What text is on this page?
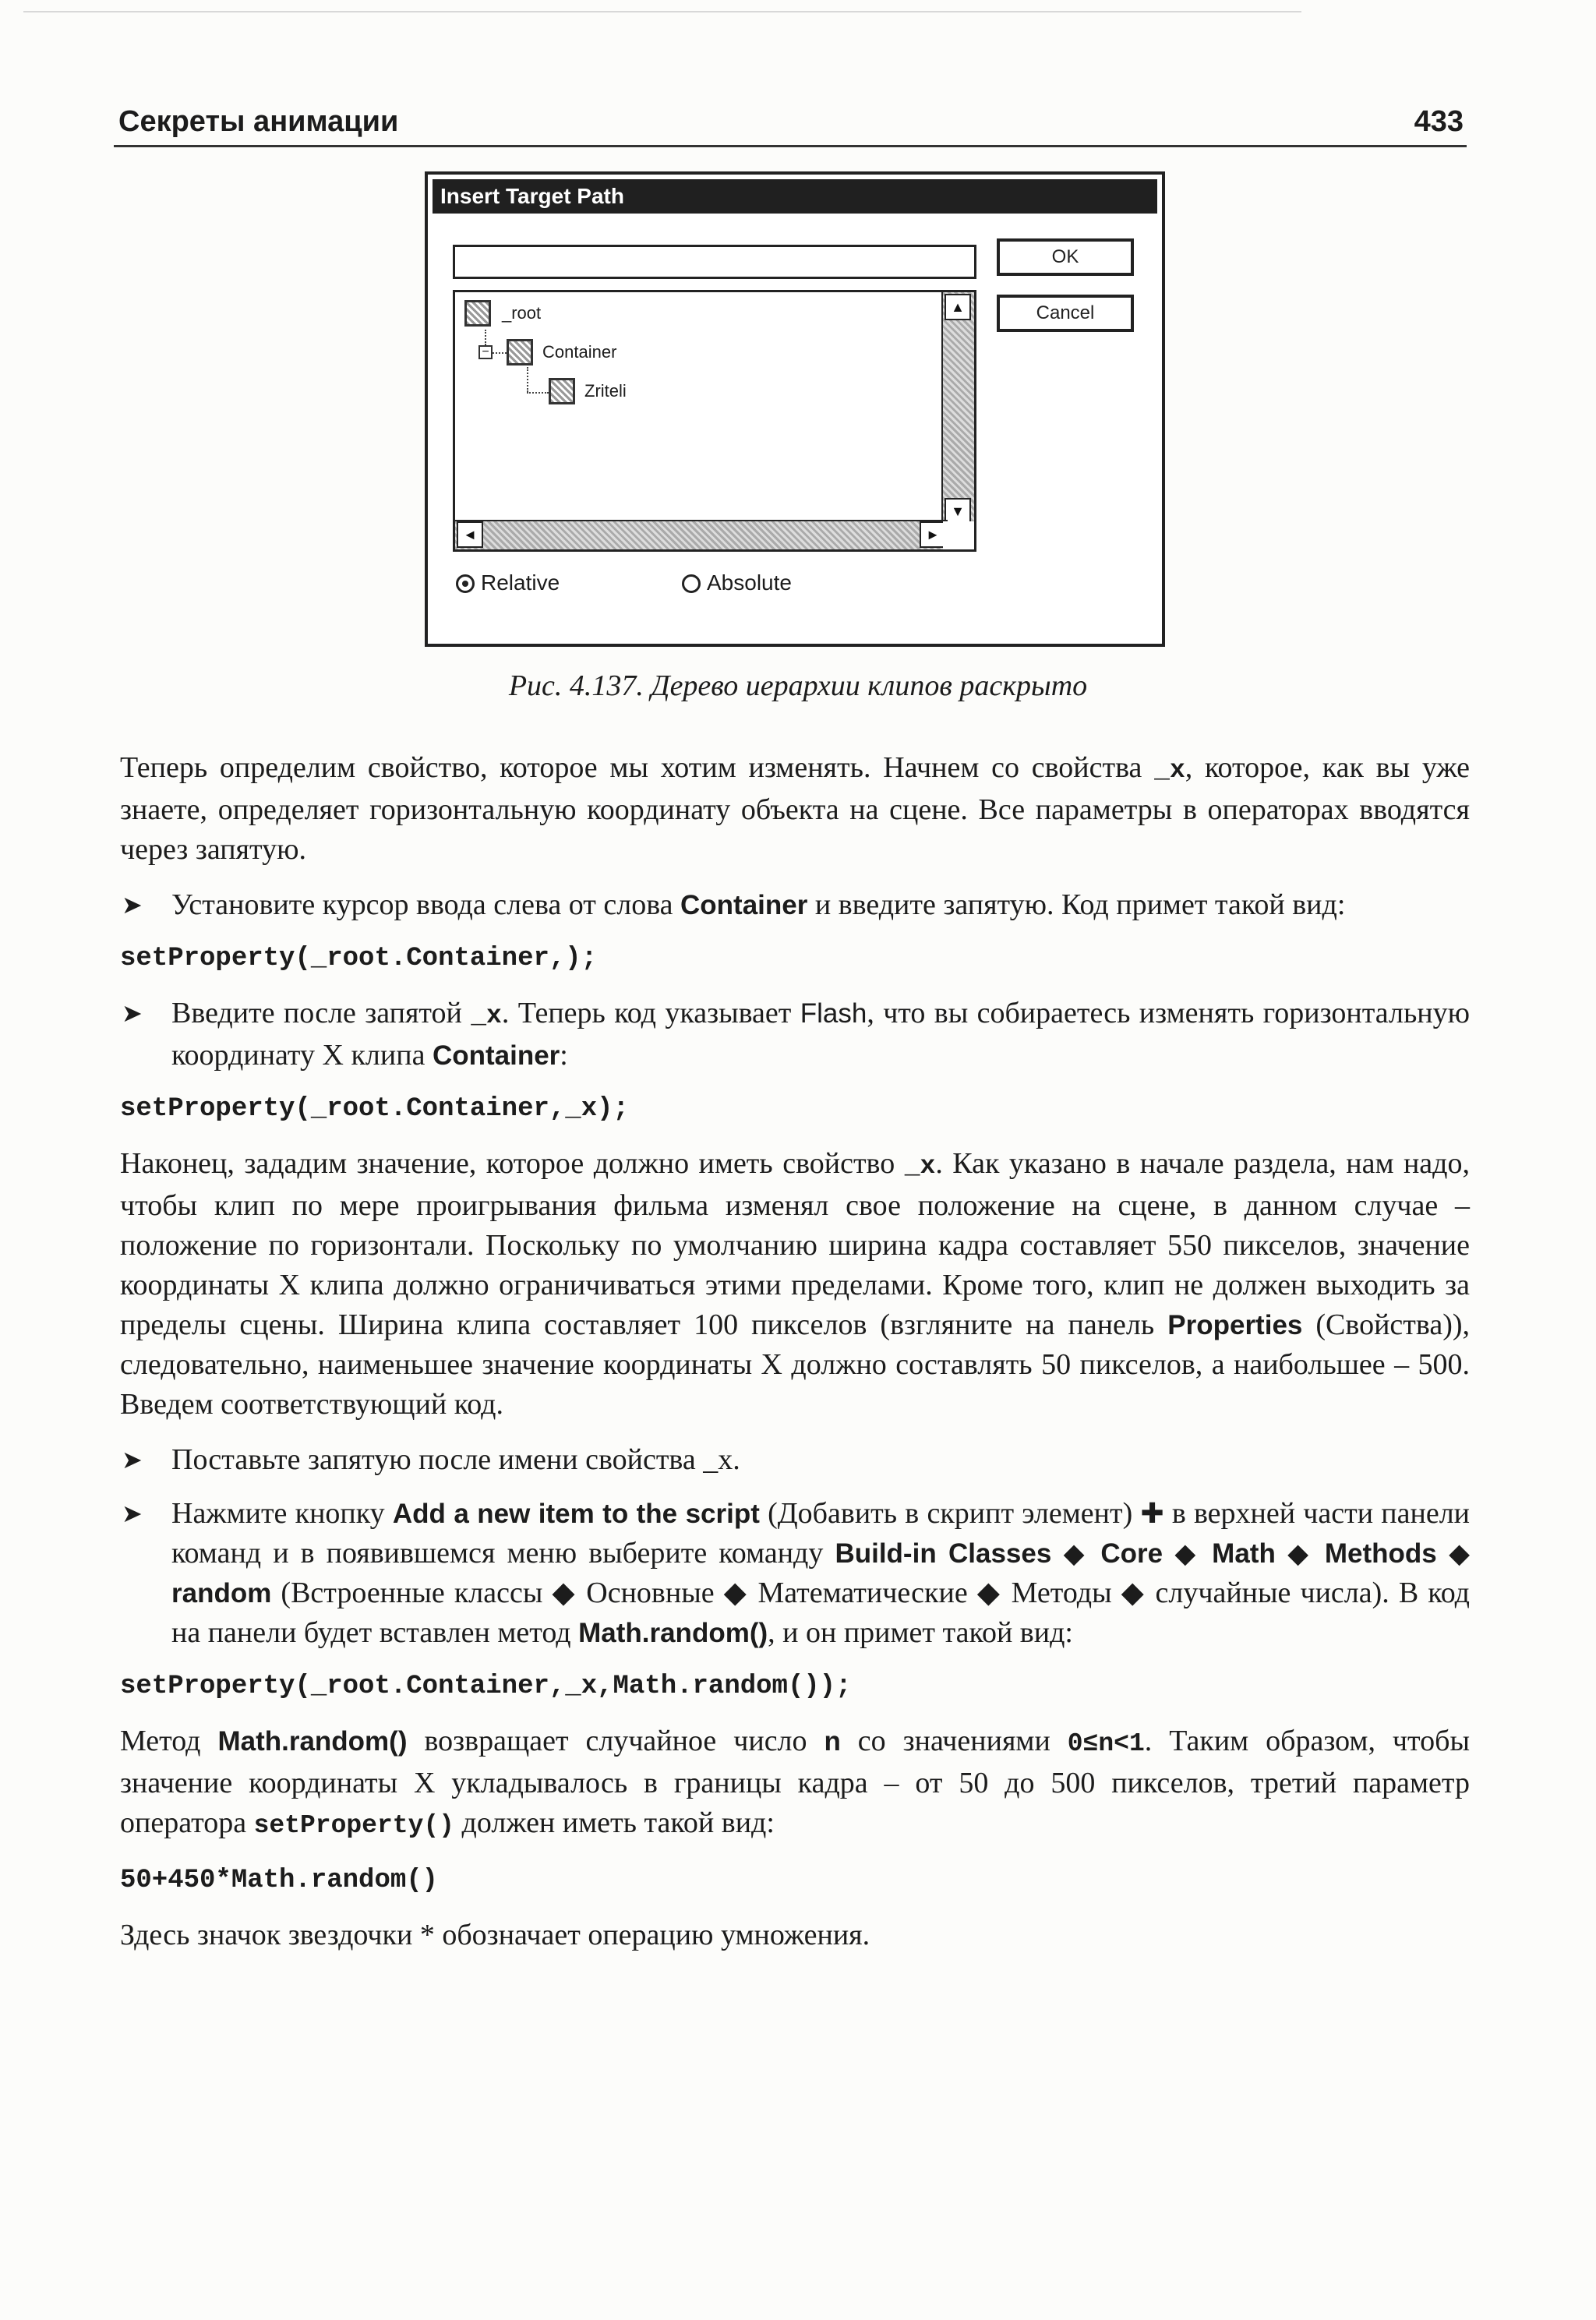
Секреты анимации	433
Insert Target Path
OK
Cancel
_root
−	Container
Zriteli
▲
▼
◄	►
Relative	Absolute
Рис. 4.137. Дерево иерархии клипов раскрыто

Теперь определим свойство, которое мы хотим изменять. Начнем со свойства _x, которое, как вы уже знаете, определяет горизонтальную координату объекта на сцене. Все параметры в операторах вводятся через запятую.

➤ Установите курсор ввода слева от слова Container и введите запятую. Код примет такой вид:
setProperty(_root.Container,);
➤ Введите после запятой _x. Теперь код указывает Flash, что вы собираетесь изменять горизонтальную координату X клипа Container:
setProperty(_root.Container,_x);

Наконец, зададим значение, которое должно иметь свойство _x. Как указано в начале раздела, нам надо, чтобы клип по мере проигрывания фильма изменял свое положение на сцене, в данном случае – положение по горизонтали. Поскольку по умолчанию ширина кадра составляет 550 пикселов, значение координаты X клипа должно ограничиваться этими пределами. Кроме того, клип не должен выходить за пределы сцены. Ширина клипа составляет 100 пикселов (взгляните на панель Properties (Свойства)), следовательно, наименьшее значение координаты X должно составлять 50 пикселов, а наибольшее – 500. Введем соответствующий код.

➤ Поставьте запятую после имени свойства _x.
➤ Нажмите кнопку Add a new item to the script (Добавить в скрипт элемент) ✚ в верхней части панели команд и в появившемся меню выберите команду Build-in Classes ◆ Core ◆ Math ◆ Methods ◆ random (Встроенные классы ◆ Основные ◆ Математические ◆ Методы ◆ случайные числа). В код на панели будет вставлен метод Math.random(), и он примет такой вид:
setProperty(_root.Container,_x,Math.random());

Метод Math.random() возвращает случайное число n со значениями 0≤n<1. Таким образом, чтобы значение координаты X укладывалось в границы кадра – от 50 до 500 пикселов, третий параметр оператора setProperty() должен иметь такой вид:

50+450*Math.random()

Здесь значок звездочки * обозначает операцию умножения.
